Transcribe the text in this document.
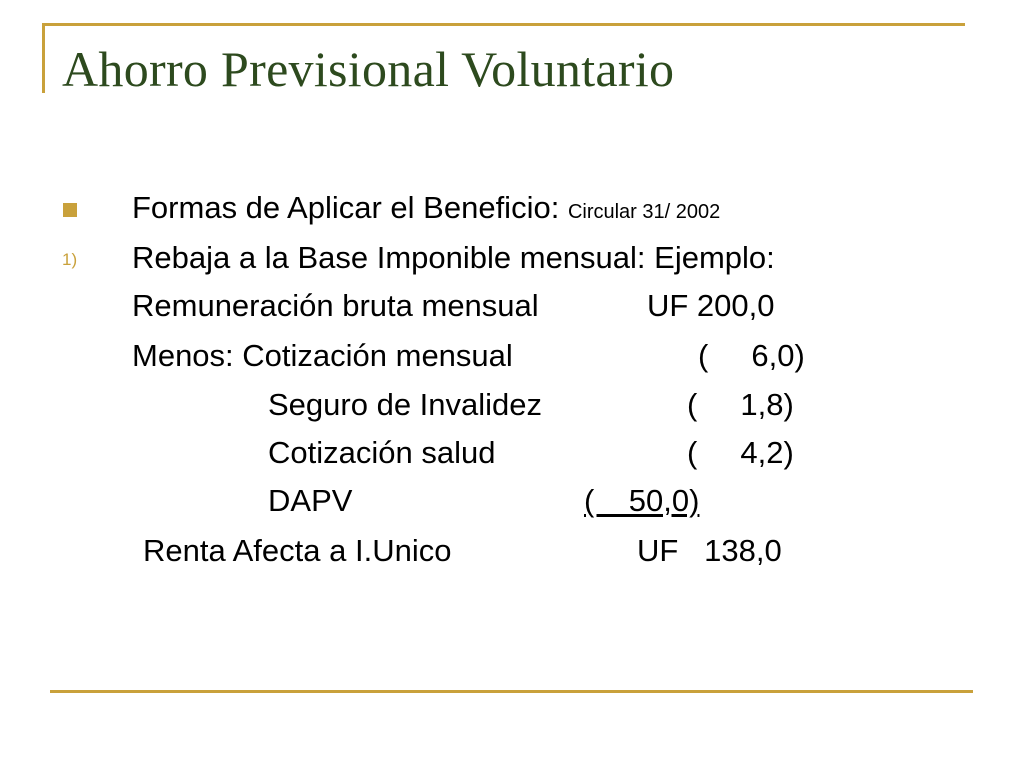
Ahorro Previsional Voluntario
Formas de Aplicar el Beneficio: Circular 31/ 2002
1) Rebaja a la Base Imponible mensual: Ejemplo:
Remuneración bruta mensual	UF 200,0
Menos: Cotización mensual	(     6,0)
Seguro de Invalidez	(     1,8)
Cotización salud	(     4,2)
DAPV	(    50,0)
Renta Afecta a I.Unico	UF   138,0
